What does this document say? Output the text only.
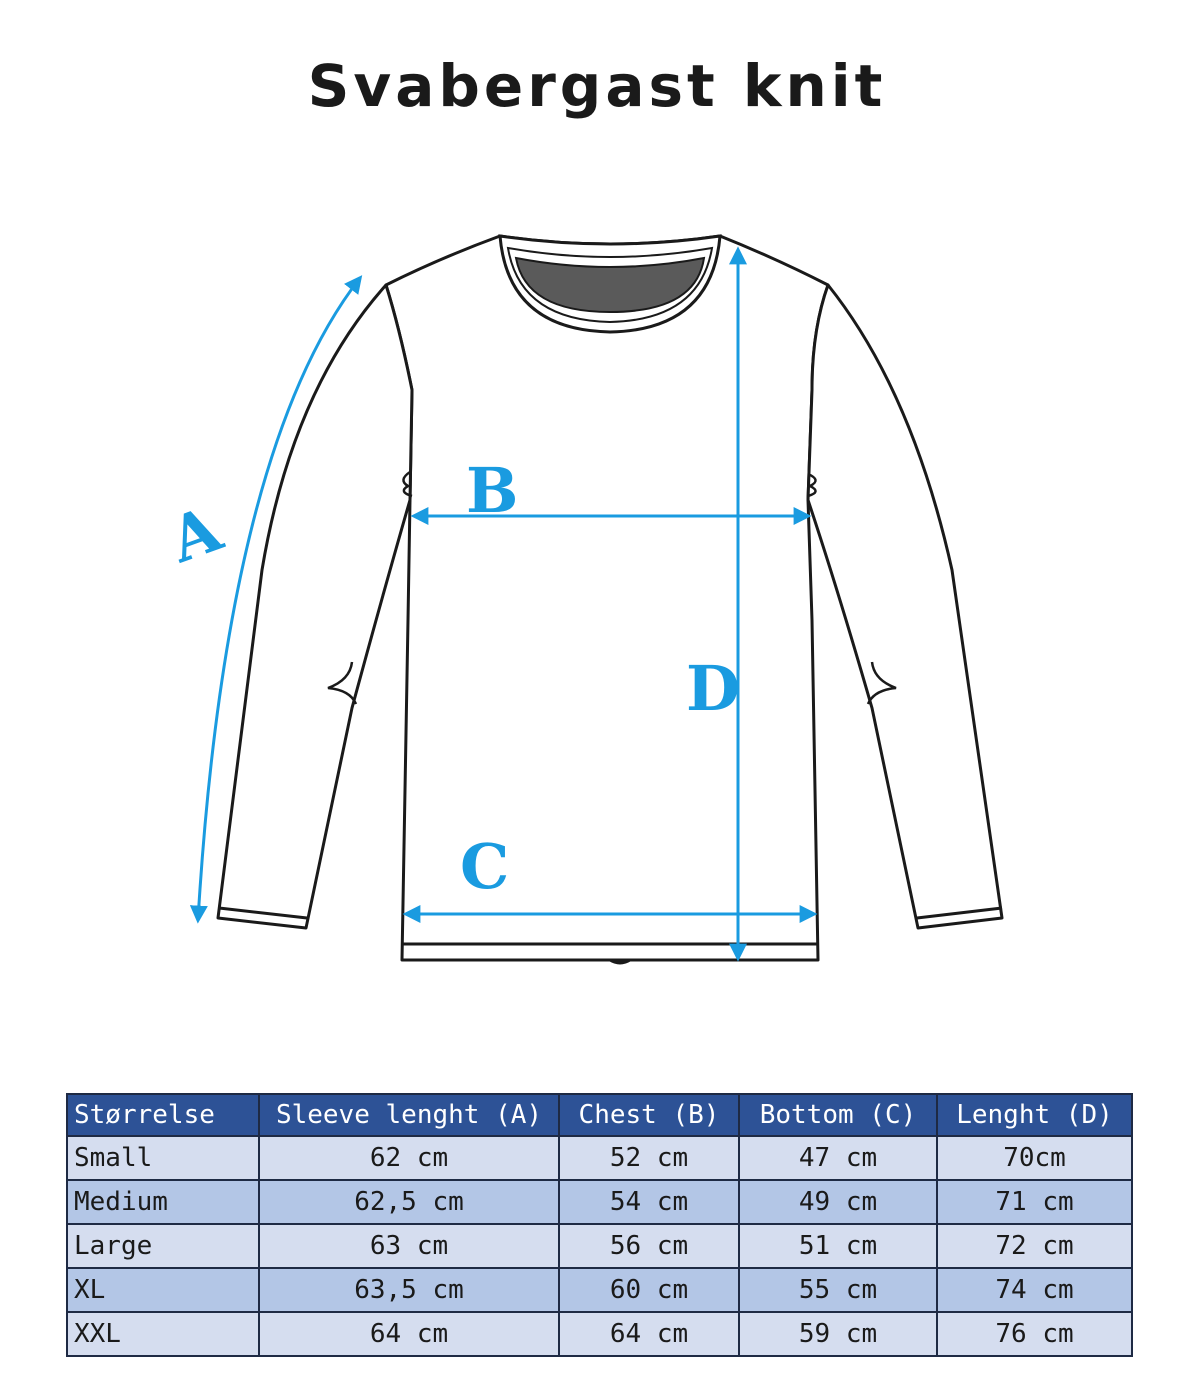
Svabergast knit
A
B
C
D
Størrelse	Sleeve lenght (A)	Chest (B)	Bottom (C)	Lenght (D)
Small	62 cm	52 cm	47 cm	70cm
Medium	62,5 cm	54 cm	49 cm	71 cm
Large	63 cm	56 cm	51 cm	72 cm
XL	63,5 cm	60 cm	55 cm	74 cm
XXL	64 cm	64 cm	59 cm	76 cm
